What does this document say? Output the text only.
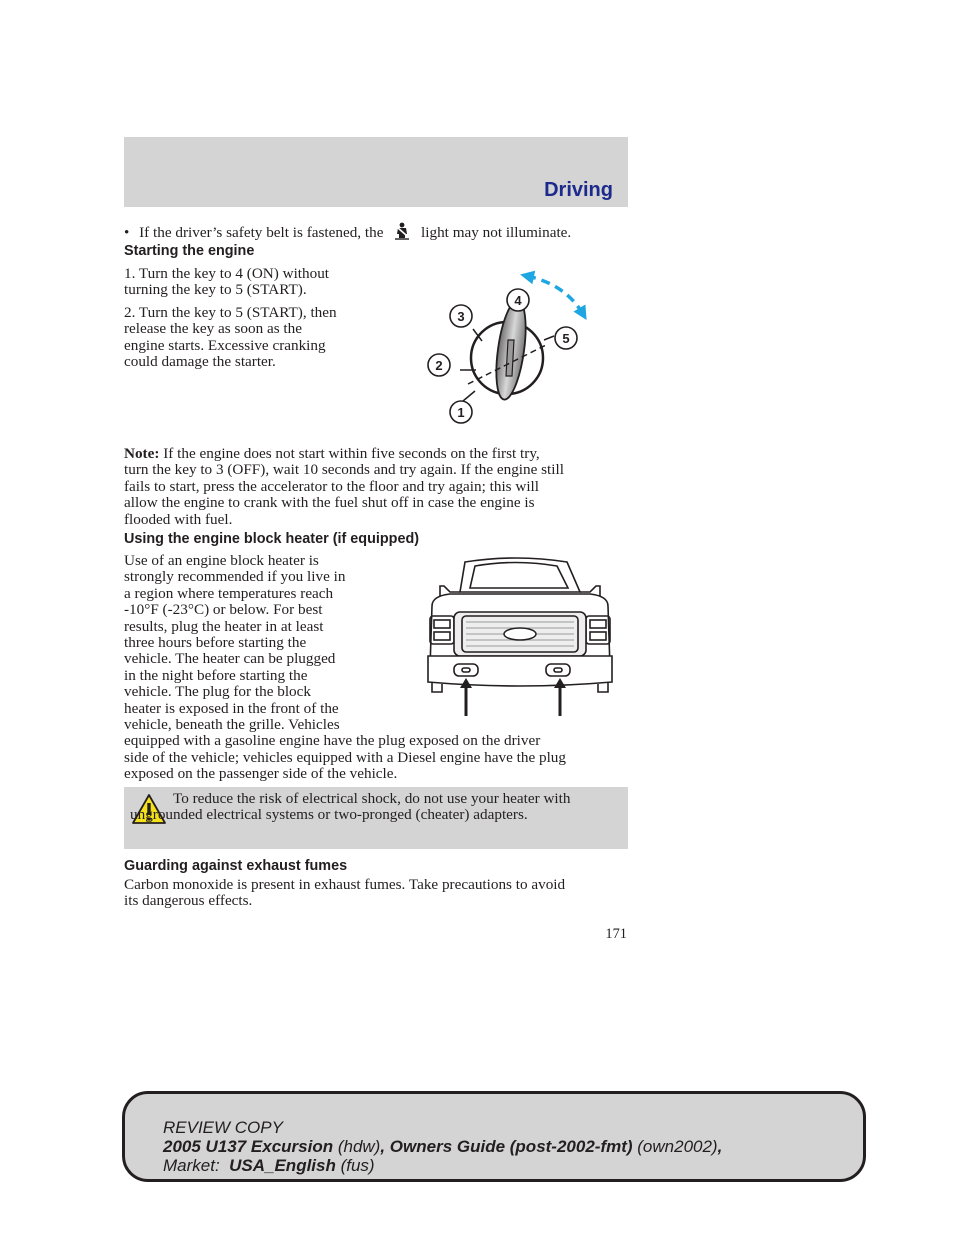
Driving
• If the driver’s safety belt is fastened, the light may not illuminate.
Starting the engine
1. Turn the key to 4 (ON) without
turning the key to 5 (START).
2. Turn the key to 5 (START), then
release the key as soon as the
engine starts. Excessive cranking
could damage the starter.
3
4
5
2
1
Note: If the engine does not start within five seconds on the first try,
turn the key to 3 (OFF), wait 10 seconds and try again. If the engine still
fails to start, press the accelerator to the floor and try again; this will
allow the engine to crank with the fuel shut off in case the engine is
flooded with fuel.
Using the engine block heater (if equipped)
Use of an engine block heater is
strongly recommended if you live in
a region where temperatures reach
-10°F (-23°C) or below. For best
results, plug the heater in at least
three hours before starting the
vehicle. The heater can be plugged
in the night before starting the
vehicle. The plug for the block
heater is exposed in the front of the
vehicle, beneath the grille. Vehicles
equipped with a gasoline engine have the plug exposed on the driver
side of the vehicle; vehicles equipped with a Diesel engine have the plug
exposed on the passenger side of the vehicle.
To reduce the risk of electrical shock, do not use your heater with ungrounded electrical systems or two-pronged (cheater) adapters.
Guarding against exhaust fumes
Carbon monoxide is present in exhaust fumes. Take precautions to avoid
its dangerous effects.
171
REVIEW COPY
2005 U137 Excursion (hdw), Owners Guide (post-2002-fmt) (own2002),
Market:  USA_English (fus)
